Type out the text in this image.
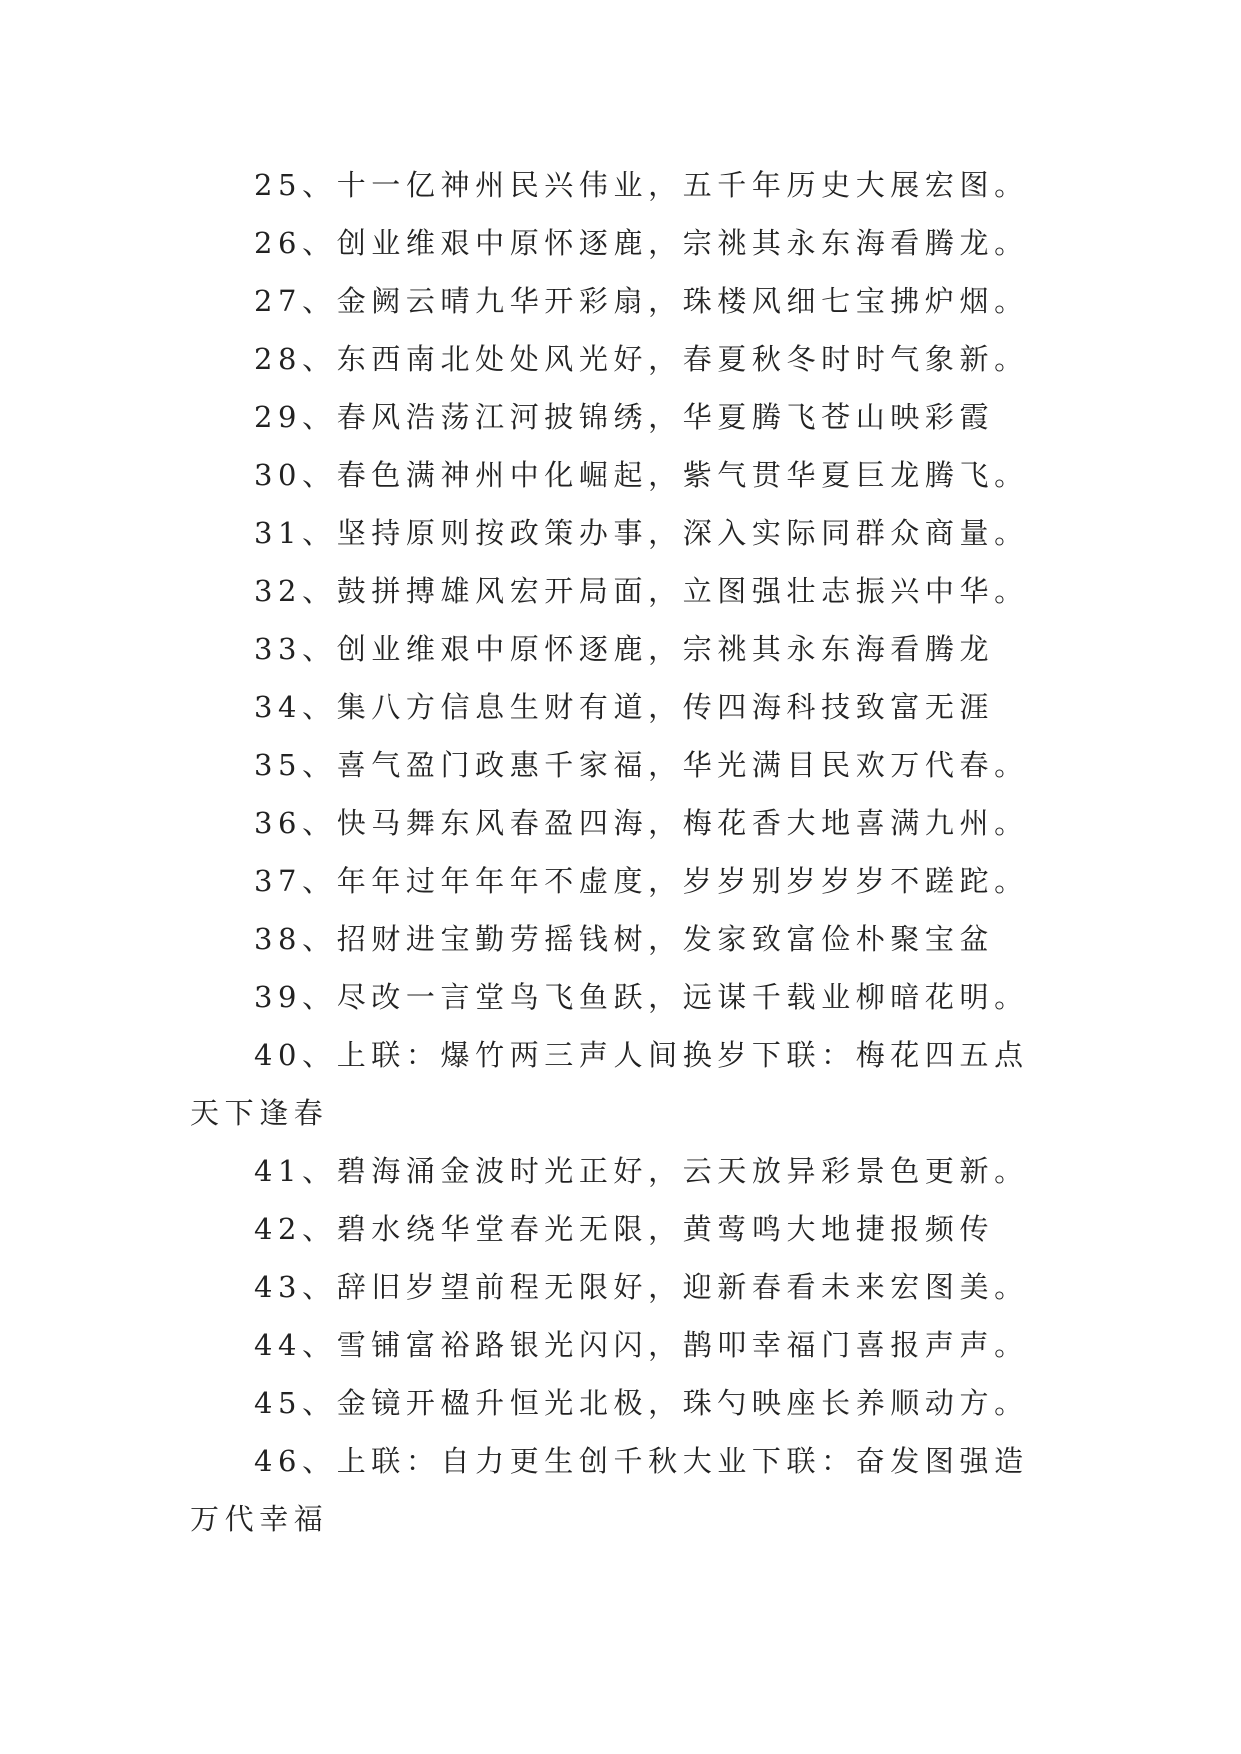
25、十一亿神州民兴伟业，五千年历史大展宏图。

26、创业维艰中原怀逐鹿，宗祧其永东海看腾龙。

27、金阙云晴九华开彩扇，珠楼风细七宝拂炉烟。

28、东西南北处处风光好，春夏秋冬时时气象新。

29、春风浩荡江河披锦绣，华夏腾飞苍山映彩霞

30、春色满神州中化崛起，紫气贯华夏巨龙腾飞。

31、坚持原则按政策办事，深入实际同群众商量。

32、鼓拼搏雄风宏开局面，立图强壮志振兴中华。

33、创业维艰中原怀逐鹿，宗祧其永东海看腾龙

34、集八方信息生财有道，传四海科技致富无涯

35、喜气盈门政惠千家福，华光满目民欢万代春。

36、快马舞东风春盈四海，梅花香大地喜满九州。

37、年年过年年年不虚度，岁岁别岁岁岁不蹉跎。

38、招财进宝勤劳摇钱树，发家致富俭朴聚宝盆

39、尽改一言堂鸟飞鱼跃，远谋千载业柳暗花明。

40、上联：爆竹两三声人间换岁下联：梅花四五点天下逢春

41、碧海涌金波时光正好，云天放异彩景色更新。

42、碧水绕华堂春光无限，黄莺鸣大地捷报频传

43、辞旧岁望前程无限好，迎新春看未来宏图美。

44、雪铺富裕路银光闪闪，鹊叩幸福门喜报声声。

45、金镜开楹升恒光北极，珠勺映座长养顺动方。

46、上联：自力更生创千秋大业下联：奋发图强造万代幸福
